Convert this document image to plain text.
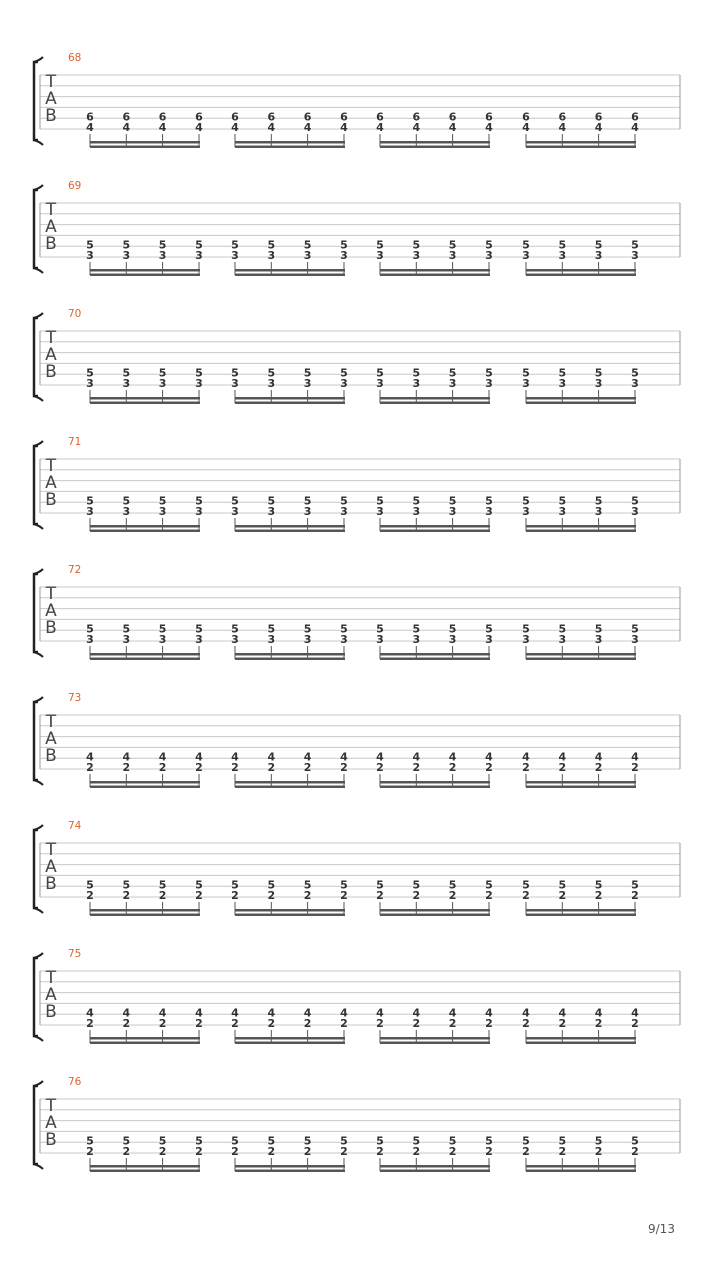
T
A
B
68
6
4
6
4
6
4
6
4
6
4
6
4
6
4
6
4
6
4
6
4
6
4
6
4
6
4
6
4
6
4
6
4
T
A
B
69
5
3
5
3
5
3
5
3
5
3
5
3
5
3
5
3
5
3
5
3
5
3
5
3
5
3
5
3
5
3
5
3
T
A
B
70
5
3
5
3
5
3
5
3
5
3
5
3
5
3
5
3
5
3
5
3
5
3
5
3
5
3
5
3
5
3
5
3
T
A
B
71
5
3
5
3
5
3
5
3
5
3
5
3
5
3
5
3
5
3
5
3
5
3
5
3
5
3
5
3
5
3
5
3
T
A
B
72
5
3
5
3
5
3
5
3
5
3
5
3
5
3
5
3
5
3
5
3
5
3
5
3
5
3
5
3
5
3
5
3
T
A
B
73
4
2
4
2
4
2
4
2
4
2
4
2
4
2
4
2
4
2
4
2
4
2
4
2
4
2
4
2
4
2
4
2
T
A
B
74
5
2
5
2
5
2
5
2
5
2
5
2
5
2
5
2
5
2
5
2
5
2
5
2
5
2
5
2
5
2
5
2
T
A
B
75
4
2
4
2
4
2
4
2
4
2
4
2
4
2
4
2
4
2
4
2
4
2
4
2
4
2
4
2
4
2
4
2
T
A
B
76
5
2
5
2
5
2
5
2
5
2
5
2
5
2
5
2
5
2
5
2
5
2
5
2
5
2
5
2
5
2
5
2
9/13
